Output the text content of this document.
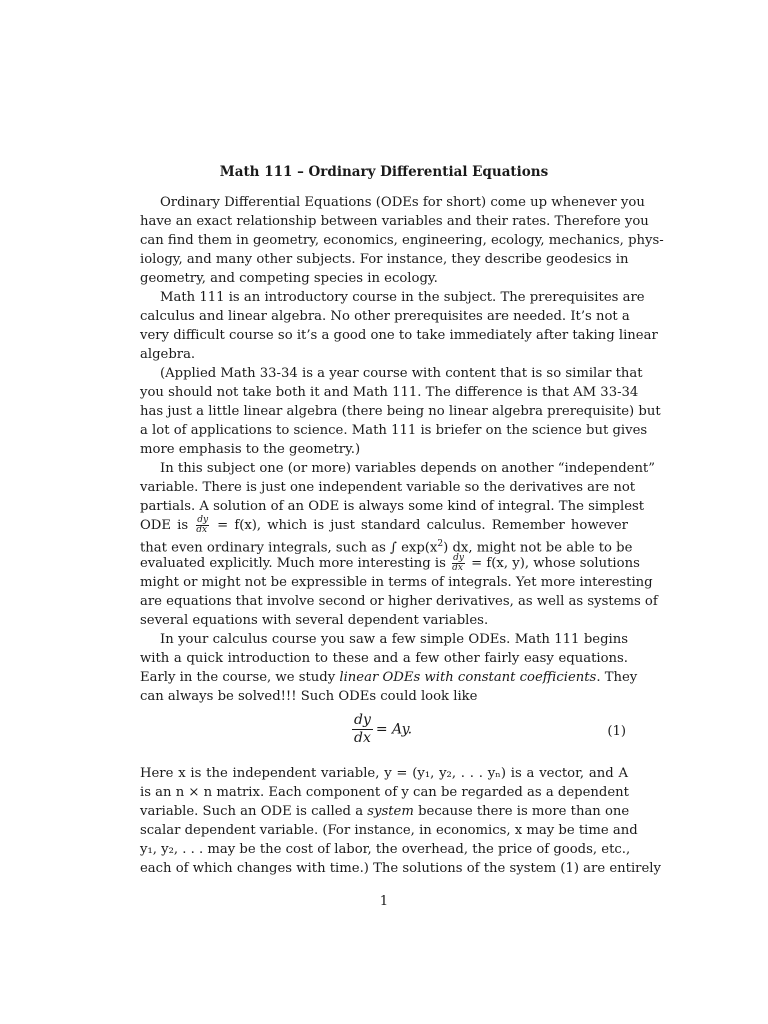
Math 111 – Ordinary Differential Equations
Ordinary Differential Equations (ODEs for short) come up whenever you
have an exact relationship between variables and their rates. Therefore you
can find them in geometry, economics, engineering, ecology, mechanics, phys-
iology, and many other subjects. For instance, they describe geodesics in
geometry, and competing species in ecology.
Math 111 is an introductory course in the subject. The prerequisites are
calculus and linear algebra. No other prerequisites are needed. It’s not a
very difficult course so it’s a good one to take immediately after taking linear
algebra.
(Applied Math 33-34 is a year course with content that is so similar that
you should not take both it and Math 111. The difference is that AM 33-34
has just a little linear algebra (there being no linear algebra prerequisite) but
a lot of applications to science. Math 111 is briefer on the science but gives
more emphasis to the geometry.)
In this subject one (or more) variables depends on another “independent”
variable. There is just one independent variable so the derivatives are not
partials. A solution of an ODE is always some kind of integral. The simplest
ODE is $\frac{dy}{dx} = f(x)$, which is just standard calculus. Remember however
that even ordinary integrals, such as ∫ $\exp(x^2)$ dx, might not be able to be
evaluated explicitly. Much more interesting is $\frac{dy}{dx} = f(x$, y), whose solutions
might or might not be expressible in terms of integrals. Yet more interesting
are equations that involve second or higher derivatives, as well as systems of
several equations with several dependent variables.
In your calculus course you saw a few simple ODEs. Math 111 begins
with a quick introduction to these and a few other fairly easy equations.
Early in the course, we study linear ODEs with constant coefficients. They
can always be solved!!! Such ODEs could look like
$\frac{dy}{dx} = Ay$.	(1)
Here x is the independent variable, y = (y₁, y₂, . . . yₙ) is a vector, and A
is an n × n matrix. Each component of y can be regarded as a dependent
variable. Such an ODE is called a system because there is more than one
scalar dependent variable. (For instance, in economics, x may be time and
y₁, y₂, . . . may be the cost of labor, the overhead, the price of goods, etc.,
each of which changes with time.) The solutions of the system (1) are entirely
1
